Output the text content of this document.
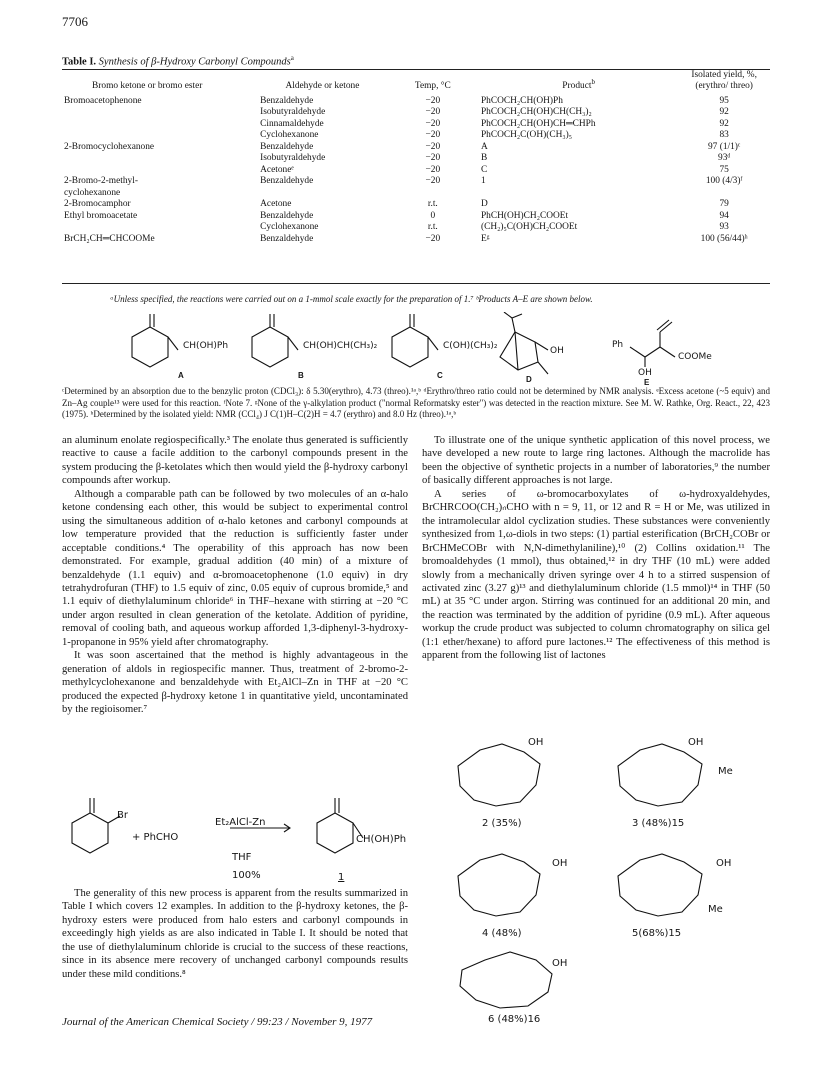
7706
Table I. Synthesis of β-Hydroxy Carbonyl Compounds$^a$
Bromo ketone or bromo ester	Aldehyde or ketone	Temp, °C	Product$^b$	Isolated yield, %, (erythro/ threo)
Bromoacetophenone	Benzaldehyde	−20	PhCOCH₂CH(OH)Ph	95
	Isobutyraldehyde	−20	PhCOCH₂CH(OH)CH(CH₃)₂	92
	Cinnamaldehyde	−20	PhCOCH₂CH(OH)CH═CHPh	92
	Cyclohexanone	−20	PhCOCH₂C(OH)(CH₃)₅	83
2-Bromocyclohexanone	Benzaldehyde	−20	A	97 (1/1)ᶜ
	Isobutyraldehyde	−20	B	93ᵈ
	Acetoneᵉ	−20	C	75
2-Bromo-2-methyl-	Benzaldehyde	−20	1	100 (4/3)ᶠ
cyclohexanone				
2-Bromocamphor	Acetone	r.t.	D	79
Ethyl bromoacetate	Benzaldehyde	0	PhCH(OH)CH₂COOEt	94
	Cyclohexanone	r.t.	(CH₂)₅C(OH)CH₂COOEt	93
BrCH₂CH═CHCOOMe	Benzaldehyde	−20	Eᵍ	100 (56/44)ʰ
ᵃUnless specified, the reactions were carried out on a 1-mmol scale exactly for the preparation of 1.⁷ ᵇProducts A–E are shown below.
CH(OH)Ph	CH(OH)CH(CH₃)₂	C(OH)(CH₃)₂	OH
Ph
COOMe
OH
A	B	C	D	E
ᶜDetermined by an absorption due to the benzylic proton (CDCl₃): δ 5.30(erythro), 4.73 (threo).¹ᵃ,ᵇ ᵈErythro/threo ratio could not be determined by NMR analysis. ᵉExcess acetone (~5 equiv) and Zn–Ag couple¹³ were used for this reaction. ᶠNote 7. ᵍNone of the γ-alkylation product ("normal Reformatsky ester") was detected in the reaction mixture. See M. W. Rathke, Org. React., 22, 423 (1975). ʰDetermined by the isolated yield: NMR (CCl₄) J C(1)H–C(2)H = 4.7 (erythro) and 8.0 Hz (threo).¹ᵃ,ᵇ

an aluminum enolate regiospecifically.³ The enolate thus generated is sufficiently reactive to cause a facile addition to the carbonyl compounds present in the system producing the β-ketolates which then would yield the β-hydroxy carbonyl compounds after workup.

Although a comparable path can be followed by two molecules of an α-halo ketone condensing each other, this would be subject to experimental control using the simultaneous addition of α-halo ketones and carbonyl compounds at low temperature provided that the reduction is sufficiently faster under acceptable conditions.⁴ The operability of this approach has now been demonstrated. For example, gradual addition (40 min) of a mixture of benzaldehyde (1.1 equiv) and α-bromoacetophenone (1.0 equiv) in dry tetrahydrofuran (THF) to 1.5 equiv of zinc, 0.05 equiv of cuprous bromide,⁵ and 1.1 equiv of diethylaluminum chloride⁶ in THF–hexane with stirring at −20 °C under argon resulted in clean generation of the ketolate. Addition of pyridine, removal of cooling bath, and aqueous workup afforded 1,3-diphenyl-3-hydroxy-1-propanone in 95% yield after chromatography.

It was soon ascertained that the method is highly advantageous in the generation of aldols in regiospecific manner. Thus, treatment of 2-bromo-2-methylcyclohexanone and benzaldehyde with Et₂AlCl–Zn in THF at −20 °C produced the expected β-hydroxy ketone 1 in quantitative yield, uncontaminated by the regioisomer.⁷

Br
+ PhCHO
Et₂AlCl-Zn
THF
100%
CH(OH)Ph
1

The generality of this new process is apparent from the results summarized in Table I which covers 12 examples. In addition to the β-hydroxy ketones, the β-hydroxy esters were produced from halo esters and carbonyl compounds in exceedingly high yields as are also indicated in Table I. It should be noted that the use of diethylaluminum chloride is crucial to the success of these reactions, since in its absence mere recovery of unchanged carbonyl compounds results under these mild conditions.⁸

To illustrate one of the unique synthetic application of this novel process, we have developed a new route to large ring lactones. Although the macrolide has been the objective of synthetic projects in a number of laboratories,⁹ the number of basically different approaches is not large.

A series of ω-bromocarboxylates of ω-hydroxyaldehydes, BrCHRCOO(CH₂)ₙCHO with n = 9, 11, or 12 and R = H or Me, was utilized in the intramolecular aldol cyclization studies. These substances were conveniently synthesized from 1,ω-diols in two steps: (1) partial esterification (BrCH₂COBr or BrCHMeCOBr with N,N-dimethylaniline),¹⁰ (2) Collins oxidation.¹¹ The bromoaldehydes (1 mmol), thus obtained,¹² in dry THF (10 mL) were added slowly from a mechanically driven syringe over 4 h to a stirred suspension of activated zinc (3.27 g)¹³ and diethylaluminum chloride (1.5 mmol)¹⁴ in THF (50 mL) at 35 °C under argon. Stirring was continued for an additional 20 min, and the reaction was terminated by the addition of pyridine (0.9 mL). After aqueous workup the crude product was subjected to column chromatography on silica gel (1:1 ether/hexane) to afford pure lactones.¹² The effectiveness of this method is apparent from the following list of lactones

OH	OH
Me
OH	OH
Me
OH
2 (35%)	3 (48%)15
4 (48%)	5(68%)15
6 (48%)16
Journal of the American Chemical Society / 99:23 / November 9, 1977
